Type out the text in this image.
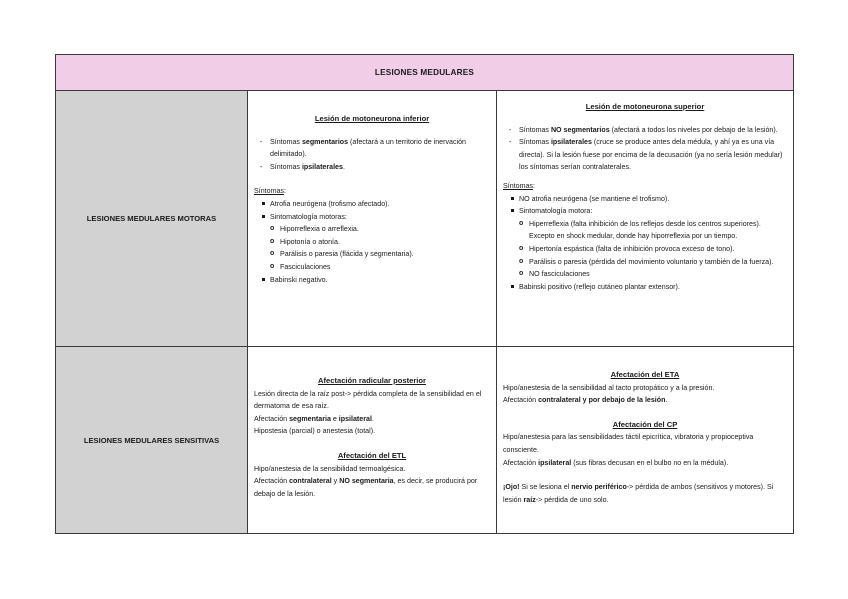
LESIONES MEDULARES
LESIONES MEDULARES MOTORAS
Lesión de motoneurona inferior
- Síntomas segmentarios (afectará a un territorio de inervación delimitado).
- Síntomas ipsilaterales.

Síntomas:

Atrofia neurógena (trofismo afectado).
Sintomatología motoras:
o Hiporreflexia o arreflexia.
o Hipotonía o atonía.
o Parálisis o paresia (flácida y segmentaria).
o Fasciculaciones
Babinski negativo.
Lesión de motoneurona superior
- Síntomas NO segmentarios (afectará a todos los niveles por debajo de la lesión).
- Síntomas ipsilaterales (cruce se produce antes dela médula, y ahí ya es una vía directa). Si la lesión fuese por encima de la decusación (ya no sería lesión medular) los síntomas serían contralaterales.

Síntomas:

NO atrofia neurógena (se mantiene el trofismo).
Sintomatología motora:
o Hiperreflexia (falta inhibición de los reflejos desde los centros superiores). Excepto en shock medular, donde hay hiporreflexia por un tiempo.
o Hipertonía espástica (falta de inhibición provoca exceso de tono).
o Parálisis o paresia (pérdida del movimiento voluntario y también de la fuerza).
o NO fasciculaciones
Babinski positivo (reflejo cutáneo plantar extensor).
LESIONES MEDULARES SENSITIVAS
Afectación radicular posterior

Lesión directa de la raíz post-> pérdida completa de la sensibilidad en el dermatoma de esa raíz.

Afectación segmentaria e ipsilateral.

Hipostesia (parcial) o anestesia (total).

Afectación del ETL

Hipo/anestesia de la sensibilidad termoalgésica.

Afectación contralateral y NO segmentaria, es decir, se producirá por debajo de la lesión.

Afectación del ETA

Hipo/anestesia de la sensibilidad al tacto protopático y a la presión.

Afectación contralateral y por debajo de la lesión.

Afectación del CP

Hipo/anestesia para las sensibilidades táctil epicrítica, vibratoria y propioceptiva consciente.

Afectación ipsilateral (sus fibras decusan en el bulbo no en la médula).

¡Ojo! Si se lesiona el nervio periférico-> pérdida de ambos (sensitivos y motores). Si lesión raíz-> pérdida de uno solo.
